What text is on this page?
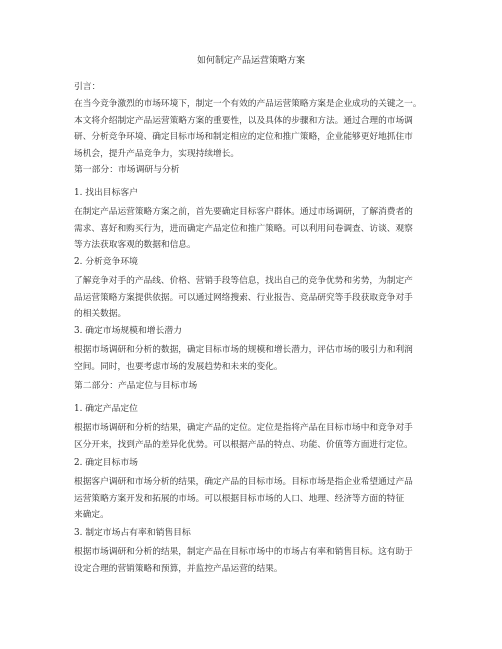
如何制定产品运营策略方案
引言：
在当今竞争激烈的市场环境下，制定一个有效的产品运营策略方案是企业成功的关键之一。
本文将介绍制定产品运营策略方案的重要性，以及具体的步骤和方法。通过合理的市场调
研、分析竞争环境、确定目标市场和制定相应的定位和推广策略，企业能够更好地抓住市
场机会，提升产品竞争力，实现持续增长。
第一部分：市场调研与分析
1. 找出目标客户
在制定产品运营策略方案之前，首先要确定目标客户群体。通过市场调研，了解消费者的
需求、喜好和购买行为，进而确定产品定位和推广策略。可以利用问卷调查、访谈、观察
等方法获取客观的数据和信息。
2. 分析竞争环境
了解竞争对手的产品线、价格、营销手段等信息，找出自己的竞争优势和劣势，为制定产
品运营策略方案提供依据。可以通过网络搜索、行业报告、竞品研究等手段获取竞争对手
的相关数据。
3. 确定市场规模和增长潜力
根据市场调研和分析的数据，确定目标市场的规模和增长潜力，评估市场的吸引力和利润
空间。同时，也要考虑市场的发展趋势和未来的变化。
第二部分：产品定位与目标市场
1. 确定产品定位
根据市场调研和分析的结果，确定产品的定位。定位是指将产品在目标市场中和竞争对手
区分开来，找到产品的差异化优势。可以根据产品的特点、功能、价值等方面进行定位。
2. 确定目标市场
根据客户调研和市场分析的结果，确定产品的目标市场。目标市场是指企业希望通过产品
运营策略方案开发和拓展的市场。可以根据目标市场的人口、地理、经济等方面的特征
来确定。
3. 制定市场占有率和销售目标
根据市场调研和分析的结果，制定产品在目标市场中的市场占有率和销售目标。这有助于
设定合理的营销策略和预算，并监控产品运营的结果。
